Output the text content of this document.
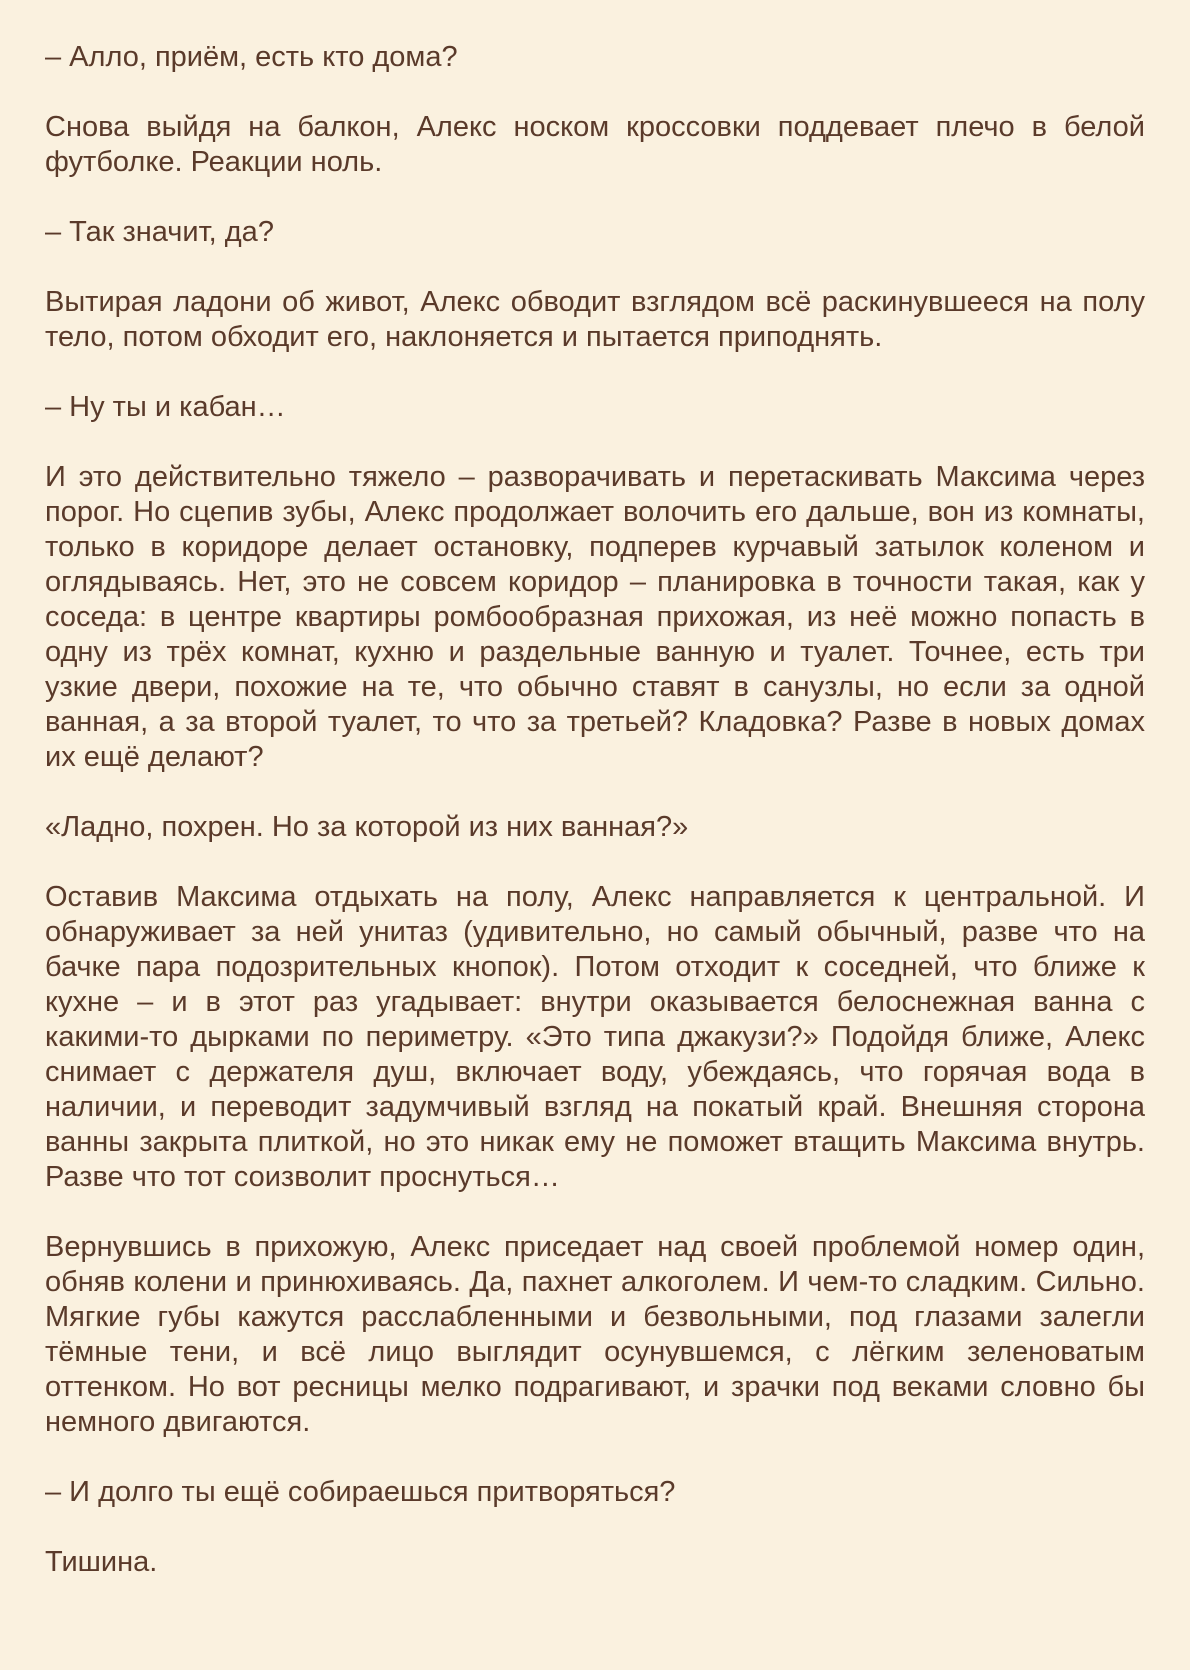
– Алло, приём, есть кто дома?

Снова выйдя на балкон, Алекс носком кроссовки поддевает плечо в белой футболке. Реакции ноль.

– Так значит, да?

Вытирая ладони об живот, Алекс обводит взглядом всё раскинувшееся на полу тело, потом обходит его, наклоняется и пытается приподнять.

– Ну ты и кабан…

И это действительно тяжело – разворачивать и перетаскивать Максима через порог. Но сцепив зубы, Алекс продолжает волочить его дальше, вон из комнаты, только в коридоре делает остановку, подперев курчавый затылок коленом и оглядываясь. Нет, это не совсем коридор – планировка в точности такая, как у соседа: в центре квартиры ромбообразная прихожая, из неё можно попасть в одну из трёх комнат, кухню и раздельные ванную и туалет. Точнее, есть три узкие двери, похожие на те, что обычно ставят в санузлы, но если за одной ванная, а за второй туалет, то что за третьей? Кладовка? Разве в новых домах их ещё делают?

«Ладно, похрен. Но за которой из них ванная?»

Оставив Максима отдыхать на полу, Алекс направляется к центральной. И обнаруживает за ней унитаз (удивительно, но самый обычный, разве что на бачке пара подозрительных кнопок). Потом отходит к соседней, что ближе к кухне – и в этот раз угадывает: внутри оказывается белоснежная ванна с какими-то дырками по периметру. «Это типа джакузи?» Подойдя ближе, Алекс снимает с держателя душ, включает воду, убеждаясь, что горячая вода в наличии, и переводит задумчивый взгляд на покатый край. Внешняя сторона ванны закрыта плиткой, но это никак ему не поможет втащить Максима внутрь. Разве что тот соизволит проснуться…

Вернувшись в прихожую, Алекс приседает над своей проблемой номер один, обняв колени и принюхиваясь. Да, пахнет алкоголем. И чем-то сладким. Сильно. Мягкие губы кажутся расслабленными и безвольными, под глазами залегли тёмные тени, и всё лицо выглядит осунувшемся, с лёгким зеленоватым оттенком. Но вот ресницы мелко подрагивают, и зрачки под веками словно бы немного двигаются.

– И долго ты ещё собираешься притворяться?

Тишина.
